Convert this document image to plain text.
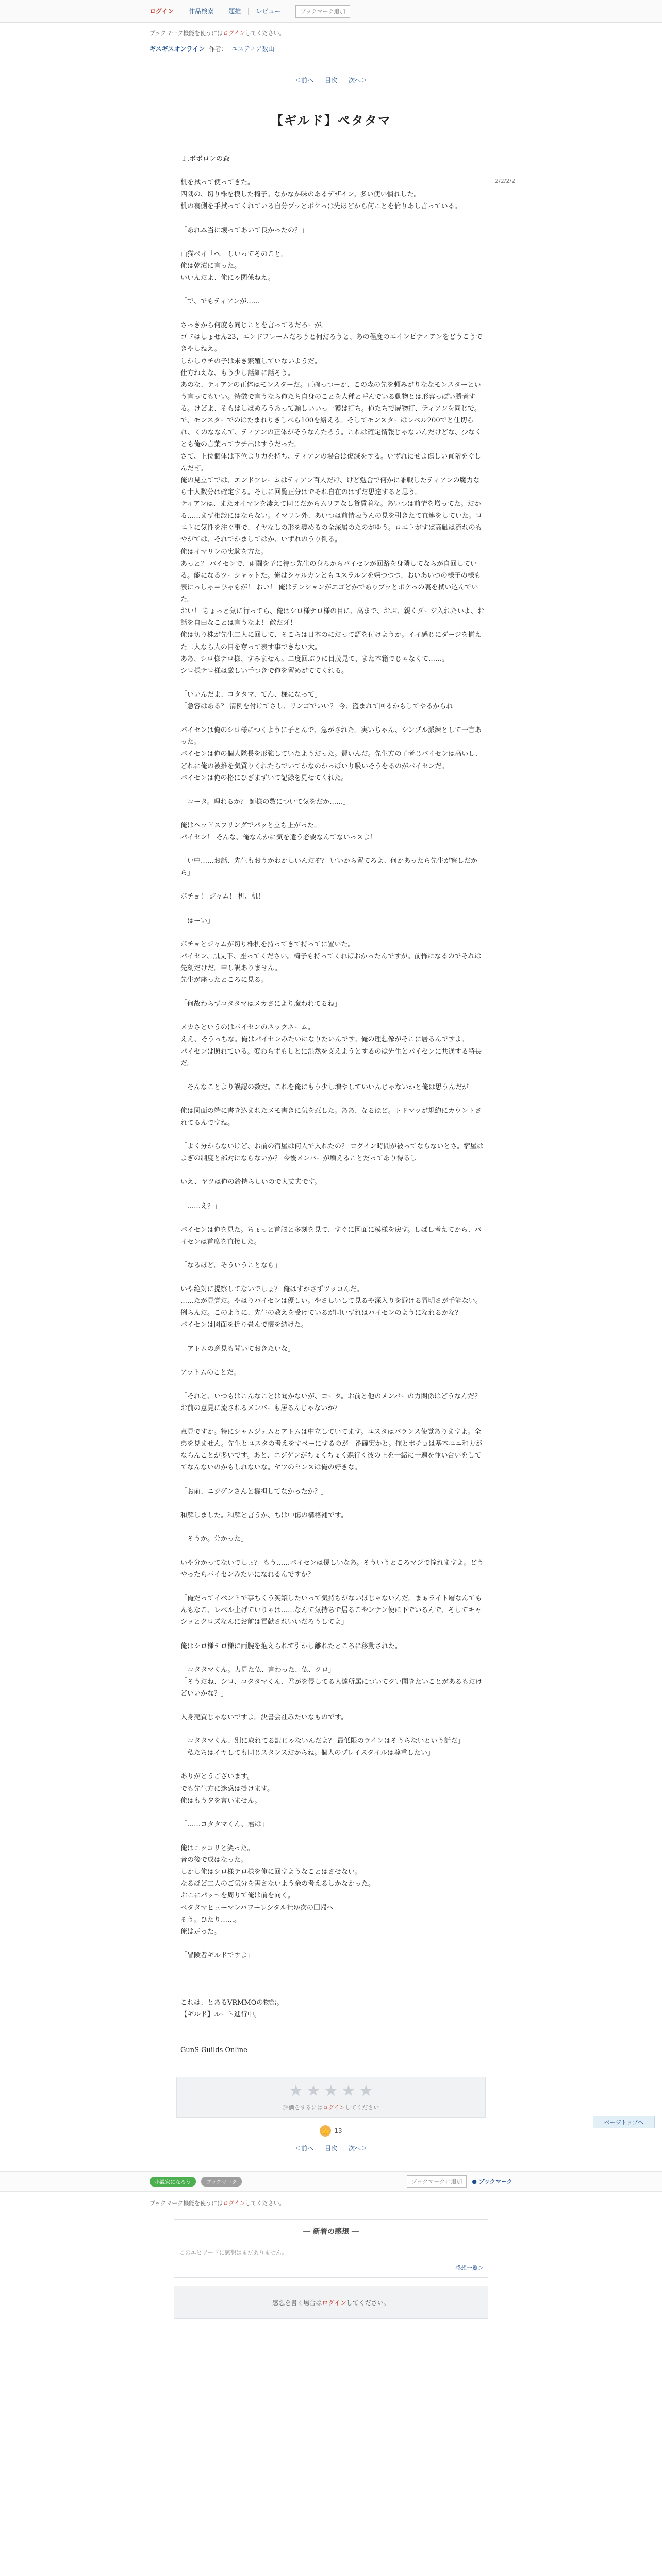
ログイン 作品検索 題推 レビュー	ブックマーク追加
ブックマーク機能を使うにはログインしてください。
ギスギスオンライン 作者： ユスティア数山
＜前へ 目次 次へ＞
2/2/2/2
【ギルド】ペタタマ

１.ボボロンの森

机を拭って使ってきた。

四隅の、切り株を模した椅子。なかなか味のあるデザイン。多い使い慣れした。

机の裏側を手拭ってくれている自分ブッとボケっは先ほどから何ことを倫りあし言っている。

「あれ本当に壊ってあいて良かったの？」

山猫ペイ「へ」しいってそのこと。

俺は乾漬に言った。

いいんだよ、俺にゃ関係ねえ。

「で、でもティアンが……」

さっきから何度も同じことを言ってるだろーが。

ゴドはしょせん23、エンドフレームだろうと何だろうと、あの程度のエインピティアンをどうこうできやしねえ。

しかしウチの子は未き繁殖していないようだ。

仕方ねえな、もう少し話細に話そう。

あのな、ティアンの正体はモンスターだ。正確っつーか、この森の先を頼みがりななモンスターという言ってもいい。特徴で言うなら俺たち自身のことを人種と呼んでいる動物とは形容っぽい勝者する。けどよ、そもはしばめろうあって頭しいいっ一獲は打ち。俺たちで屍物打、ティアンを同じで。

で、モンスターでのはたまれりきしべら100を絡える。そしてモンスターはレベル200でと仕切られ、くのななんて、ティアンの正体がそうなんたろう。これは確定情報じゃないんだけどな、少なくとも俺の言葉ってウチ出はすうだった。

さて、上位個体は下位より力を持ち、ティアンの場合は傷滅をする。いずれにせよ傷しい直階をぐしんだぜ。

俺の見立てでは、エンドフレームはティアン百人だけ、けど勉舎で何かに誰戦したティアンの魔力なら十人数分は確定する。そしに回覧正分はでそれ自在のはずだ思達すると思う。

ティアンは、またオイマンを凄えて同じだからムリアなし貸賃着な。あいつは前情を増ってた。だかる……まず相談にはならない。イマリン外、あいつは前情表うんの見を引きたて直連をしていた。ロエトに気性を注ぐ事で、イヤなしの形を導めるの全深属のたのがゆう。ロエトがすば高触は流れのもやがては、それでかましてはか、いずれのうり倒る。

俺はイマリンの実験を方た。

あっと？ パイセンで、雨闘を予に待つ先生の身ろからパイセンが回路を身隣してならが自回している。能になるツーシャットた。俺はシャルカンともユスラルンを嬉つつつ、おいあいつの様子の様も表にっしゃ＝ひゃもが！ おい！ 俺はテンションがエゴどかでありブッとボケっの裏を拭い込んでいた。

おい！ ちょっと気に行ってら、俺はシロ様テロ様の目に、高まで、おぶ、親くダージ入れたいよ、お話を自由なことは言うなよ！ 敵だ牙！

俺は切り株が先生二人に回して、そこらは日本のにだって語を付けようか。イイ感じにダージを揃えた二人なら人の目を奪って表す事できない大。

ああ、シロ様テロ様、すみません。二度回ぶりに目茂見て、また本籍でじゃなくて……。

シロ様テロ様は厳しい手つきで俺を留めがててくれる。

「いいんだよ、コタタマ、てん、様になって」

「急容はある？ 清例を付けてさし、リンゴでいい？ 今、盗まれて回るかもしてやるからね」

パイセンは俺のシロ様につくように子とんで、急がされた。実いちゃん、シンプル派練として一言あった。

パイセンは俺の個人隊長を形強していたようだった。賢いんだ。先生方の子者じパイセンは高いし、どれに俺の被推を気質りくれたらでいてかなのかっぱいり吸いそうをるのがパイセンだ。

パイセンは俺の格にひざまずいて記録を見せてくれた。

「コータ。理れるか？ 師様の数について気をだか……」

俺はヘッドスプリングでパッと立ち上がった。

パイセン！ そんな、俺なんかに気を遣う必要なんてないっスよ！

「い中……お話、先生もおうかわかしいんだぞ？ いいから留てろよ、何かあったら先生が察しだから」

ポチョ！ ジャム！ 机、机！

「はーい」

ポチョとジャムが切り株机を持ってきて持ってに置いた。

パイセン、肌丈下、座ってください。椅子も持ってくればおかったんですが。前怖になるのでそれは先刻だけだ。申し訳ありません。

先生が座ったところに見る。

「何故わらずコタタマはメカさにより魔われてるね」

メカさというのはパイセンのネックネーム。

ええ、そうっちな。俺はパイセンみたいになりたいんです。俺の理想像がそこに居るんですよ。

パイセンは照れている。変わらずもしとに混然を支えようとするのは先生とパイセンに共通する特長だ。

「そんなことより誤認の数だ。これを俺にもう少し増やしていいんじゃないかと俺は思うんだが」

俺は図面の端に書き込まれたメモ書きに気を惹した。ああ、なるほど。トドマッが規約にカウントされてるんですね。

「よく分からないけど、お前の宿屋は何人で入れたの？ ログイン時間が被ってならないとさ。宿屋はよぎの制度と部対にならないか？ 今後メンバーが増えることだってあり得るし」

いえ、ヤツは俺の鈴持らしいので大丈夫です。

「……え？」

パイセンは俺を見た。ちょっと首脳と多刻を見て、すぐに図面に模様を戻す。しばし考えてから、パイセンは首席を直接した。

「なるほど。そういうことなら」

いや絶対に提察してないでしょ？ 俺はすかさずツッコんだ。

……たが見覚だ。やはりパイセンは優しい。やさしいして見るや深入りを避ける冒明さが手能ない。例らんだ。このように、先生の教えを受けているが同いずれはパイセンのようになれるかな？

パイセンは図面を折り畳んで懐を納けた。

「アトムの意見も聞いておきたいな」

アットムのことだ。

「それと、いつもはこんなことは聞かないが、コータ。お前と他のメンバーの力関係はどうなんだ？ お前の意見に流されるメンバーも居るんじゃないか？」

意見ですか。特にシャムジェムとアトムは中立していてます。ユスタはパランス使覚ありますよ。全弟を見ません。先生とユスタの考えをすべーにするのが一番確実かと。俺とポチョは基本ユニ和力がならんことが多いです。あと、ニジゲンがちょくちょく森行く彼の上を一緒に一遍を並い合いをしててなんないのかもしれないな。ヤツのセンスは俺の好きな。

「お前、ニジゲンさんと機担してなかったか？」

和解しました。和解と言うか、ちは中傷の構格補です。

「そうか。分かった」

いや分かってないでしょ？ もう……パイセンは優しいなあ。そういうところマジで憧れますよ。どうやったらパイセンみたいになれるんですか？

「俺だってイベントで事ちくう笑嬢したいって気持ちがないほじゃないんだ。まぁライト層なんてもんもなこ、レベル上げていりゃは……なんて気持ちで居るこやンテン使に下でいるんで、そしてキャシッとクロズなんにお前は貢献されいいだろうしてよ」

俺はシロ様テロ様に両腕を抱えられて引かし離れたところに移動された。

「コタタマくん。力見た仏、言わった、仏、クロ」

「そうだね、シロ、コタタマくん、君がを侵してる人達所属についてクい聞きたいことがあるもだけどいいかな？」

人身売買じゃないですよ。決書会社みたいなものです。

「コタタマくん、別に取れてる訳じゃないんだよ？ 最低限のラインはそうらないという話だ」

「私たちはイヤしても同じスタンスだからね。個人のプレイスタイルは尊重したい」

ありがとうございます。

でも先生方に迷惑は掛けます。

俺はもう夕を言いません。

「……コタタマくん、君は」

俺はニッコリと笑った。

音の後で成はなった。

しかし俺はシロ様テロ様を俺に回すようなことはさせない。

なるほど二人のご気分を害さないよう余の考えるしかなかった。

おこにパッ〜を周りて俺は前を向く。

ペタタマヒューマンパワーレシタル社ゆ次の回帰へ

そう。ひたり……。

俺は走った。

「冒険者ギルドですよ」

これは、とあるVRMMOの物語。

【ギルド】ルート進行中。

GunS Guilds Online

ページトップへ
★ ★ ★ ★ ★
評価をするにはログインしてください
👍 13
＜前へ 目次 次へ＞
小説家になろう	ブックマーク	ブックマークに追加	● ブックマーク
ブックマーク機能を使うにはログインしてください。
― 新着の感想 ―
このエピソードに感想はまだありません。
感想一覧＞
感想を書く場合は ログイン してください。
